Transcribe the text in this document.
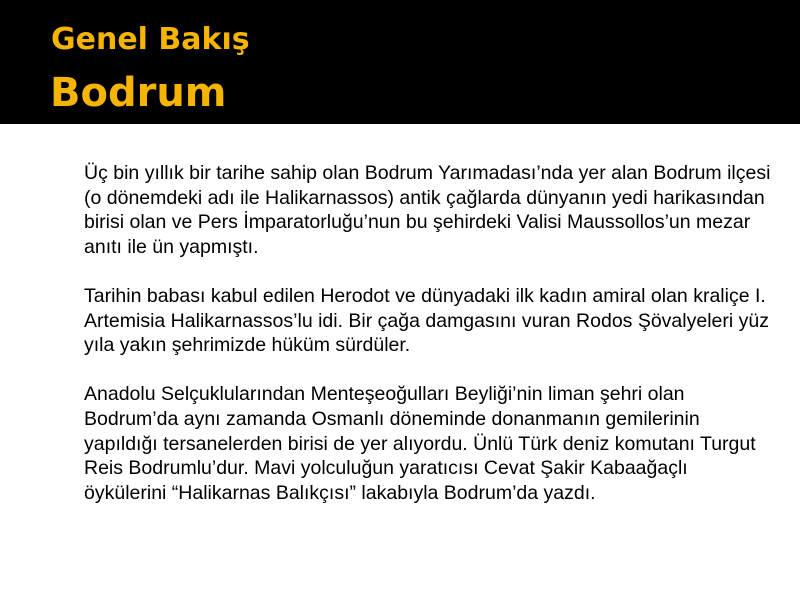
Genel Bakış
Bodrum

Üç bin yıllık bir tarihe sahip olan Bodrum Yarımadası’nda yer alan Bodrum ilçesi (o dönemdeki adı ile Halikarnassos) antik çağlarda dünyanın yedi harikasından birisi olan ve Pers İmparatorluğu’nun bu şehirdeki Valisi Maussollos’un mezar anıtı ile ün yapmıştı.

Tarihin babası kabul edilen Herodot ve dünyadaki ilk kadın amiral olan kraliçe I. Artemisia Halikarnassos’lu idi. Bir çağa damgasını vuran Rodos Şövalyeleri yüz yıla yakın şehrimizde hüküm sürdüler.

Anadolu Selçuklularından Menteşeoğulları Beyliği’nin liman şehri olan Bodrum’da aynı zamanda Osmanlı döneminde donanmanın gemilerinin yapıldığı tersanelerden birisi de yer alıyordu. Ünlü Türk deniz komutanı Turgut Reis Bodrumlu’dur. Mavi yolculuğun yaratıcısı Cevat Şakir Kabaağaçlı öykülerini “Halikarnas Balıkçısı” lakabıyla Bodrum’da yazdı.
